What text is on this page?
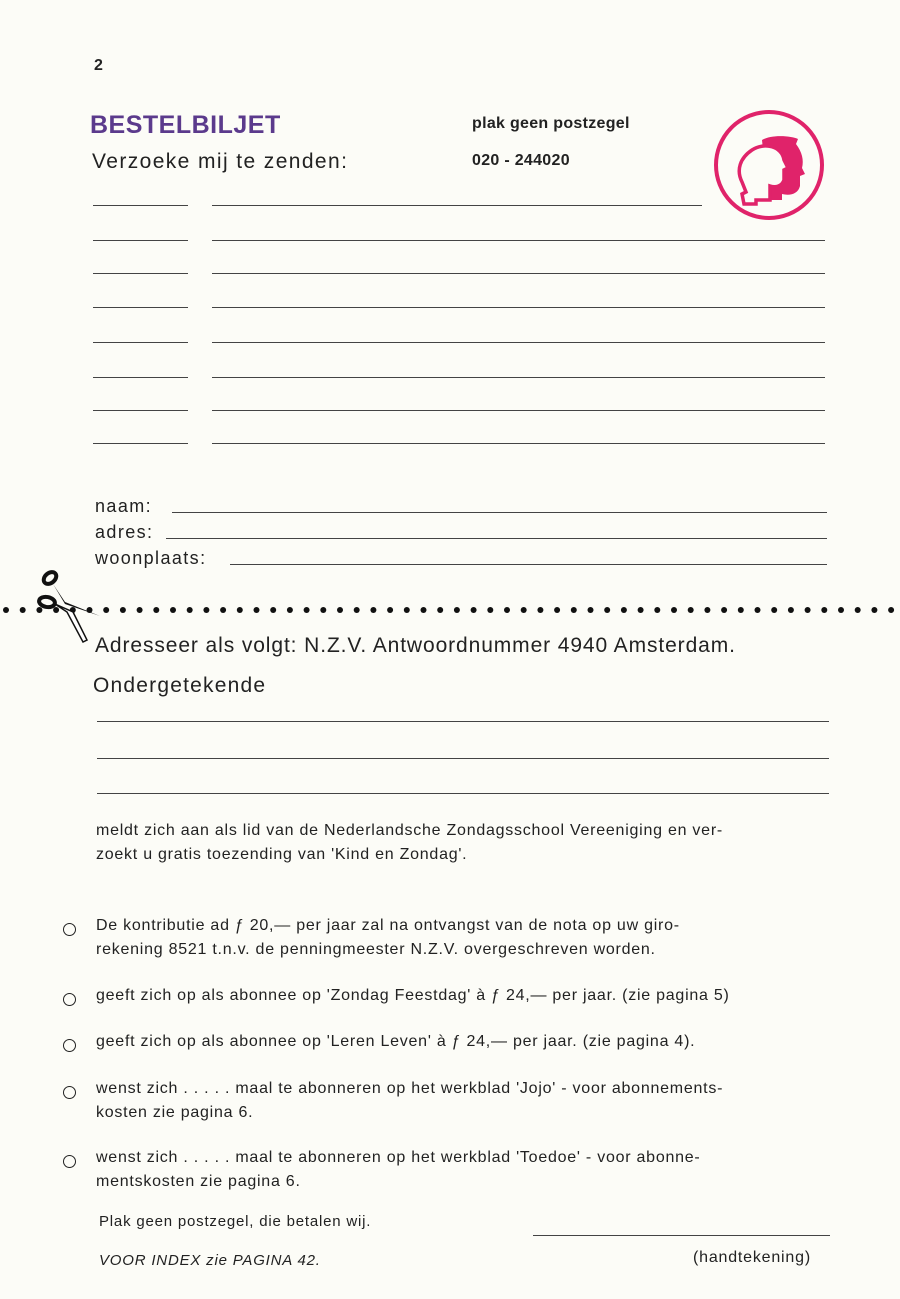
2
BESTELBILJET
Verzoeke mij te zenden:
plak geen postzegel
020 - 244020
naam:
adres:
woonplaats:
Adresseer als volgt: N.Z.V. Antwoordnummer 4940 Amsterdam.
Ondergetekende
meldt zich aan als lid van de Nederlandsche Zondagsschool Vereeniging en ver-
zoekt u gratis toezending van 'Kind en Zondag'.
De kontributie ad ƒ 20,— per jaar zal na ontvangst van de nota op uw giro-
rekening 8521 t.n.v. de penningmeester N.Z.V. overgeschreven worden.
geeft zich op als abonnee op 'Zondag Feestdag' à ƒ 24,— per jaar. (zie pagina 5)
geeft zich op als abonnee op 'Leren Leven' à ƒ 24,— per jaar. (zie pagina 4).
wenst zich . . . . . maal te abonneren op het werkblad 'Jojo' - voor abonnements-
kosten zie pagina 6.
wenst zich . . . . . maal te abonneren op het werkblad 'Toedoe' - voor abonne-
mentskosten zie pagina 6.
Plak geen postzegel, die betalen wij.
VOOR INDEX zie PAGINA 42.	(handtekening)
